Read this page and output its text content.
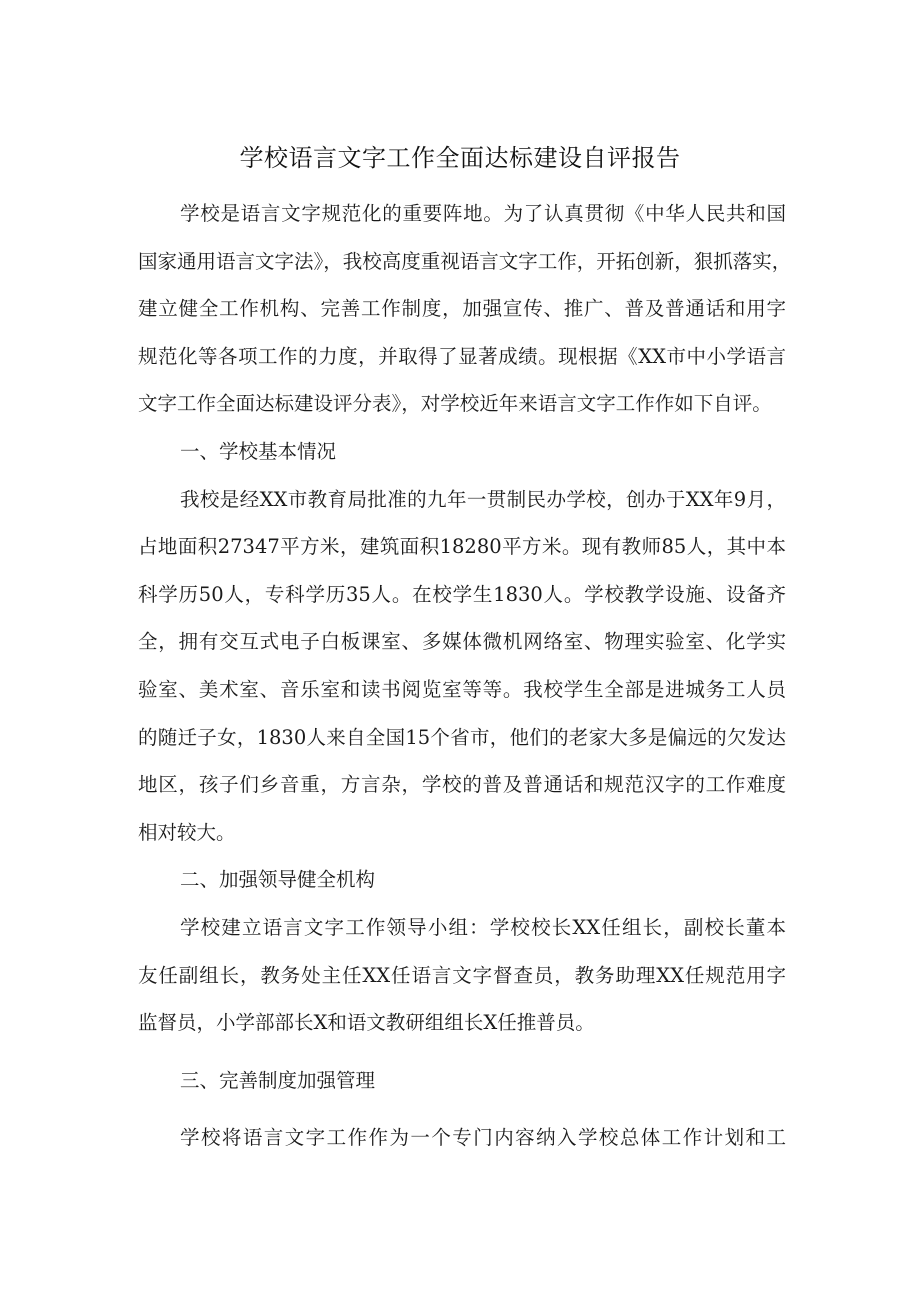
学校语言文字工作全面达标建设自评报告
学校是语言文字规范化的重要阵地。为了认真贯彻《中华人民共和国
国家通用语言文字法》，我校高度重视语言文字工作，开拓创新，狠抓落实，
建立健全工作机构、完善工作制度，加强宣传、推广、普及普通话和用字
规范化等各项工作的力度，并取得了显著成绩。现根据《XX市中小学语言
文字工作全面达标建设评分表》，对学校近年来语言文字工作作如下自评。
一、学校基本情况
我校是经XX市教育局批准的九年一贯制民办学校，创办于XX年9月，
占地面积27347平方米，建筑面积18280平方米。现有教师85人，其中本
科学历50人，专科学历35人。在校学生1830人。学校教学设施、设备齐
全，拥有交互式电子白板课室、多媒体微机网络室、物理实验室、化学实
验室、美术室、音乐室和读书阅览室等等。我校学生全部是进城务工人员
的随迁子女，1830人来自全国15个省市，他们的老家大多是偏远的欠发达
地区，孩子们乡音重，方言杂，学校的普及普通话和规范汉字的工作难度
相对较大。
二、加强领导健全机构
学校建立语言文字工作领导小组：学校校长XX任组长，副校长董本
友任副组长，教务处主任XX任语言文字督查员，教务助理XX任规范用字
监督员，小学部部长X和语文教研组组长X任推普员。
三、完善制度加强管理
学校将语言文字工作作为一个专门内容纳入学校总体工作计划和工
